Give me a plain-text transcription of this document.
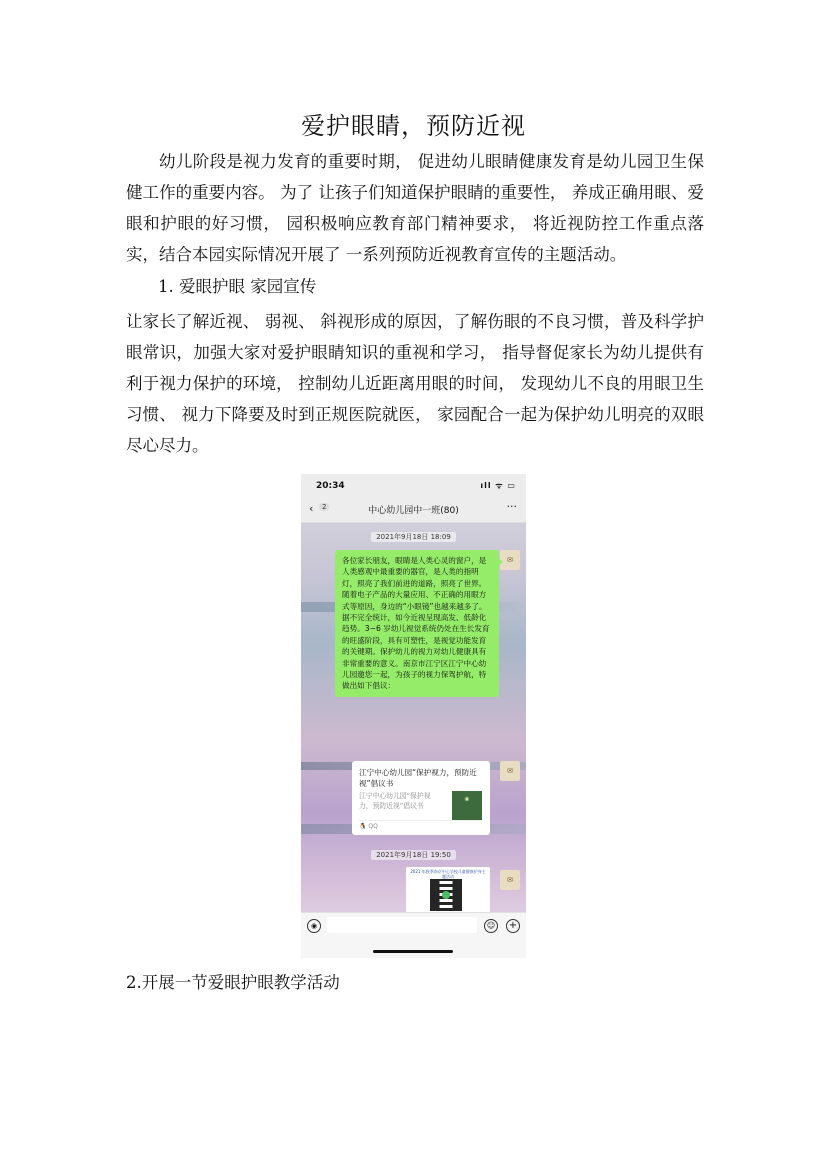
爱护眼睛，预防近视
幼儿阶段是视力发育的重要时期， 促进幼儿眼睛健康发育是幼儿园卫生保健工作的重要内容。 为了 让孩子们知道保护眼睛的重要性， 养成正确用眼、爱眼和护眼的好习惯， 园积极响应教育部门精神要求， 将近视防控工作重点落实，结合本园实际情况开展了 一系列预防近视教育宣传的主题活动。
1. 爱眼护眼 家园宣传
让家长了解近视、 弱视、 斜视形成的原因，了解伤眼的不良习惯，普及科学护眼常识，加强大家对爱护眼睛知识的重视和学习， 指导督促家长为幼儿提供有利于视力保护的环境， 控制幼儿近距离用眼的时间， 发现幼儿不良的用眼卫生习惯、 视力下降要及时到正规医院就医， 家园配合一起为保护幼儿明亮的双眼尽心尽力。
20:34	ıll ᯤ ▭
‹	2	中心幼儿园中一班(80)	···
2021年9月18日 18:09
✉
各位家长朋友，眼睛是人类心灵的窗户，是人类感观中最重要的器官，是人类的指明灯，照亮了我们前进的道路，照亮了世界。随着电子产品的大量应用、不正确的用眼方式等原因，身边的“小眼镜”也越来越多了。据不完全统计，如今近视呈现高发、低龄化趋势。3~6 岁幼儿视觉系统仍处在生长发育的旺盛阶段，具有可塑性，是视觉功能发育的关键期。保护幼儿的视力对幼儿健康具有非常重要的意义。南京市江宁区江宁中心幼儿园邀您一起，为孩子的视力保驾护航，特做出如下倡议：
✉
江宁中心幼儿园“保护视力，预防近视”倡议书
江宁中心幼儿园“保护视力，预防近视”倡议书
❀
🐧 QQ
2021年9月18日 19:50
✉
2021 年秋季南京中心学校儿童健康护身主题活动
◉	☺ +
2.开展一节爱眼护眼教学活动
